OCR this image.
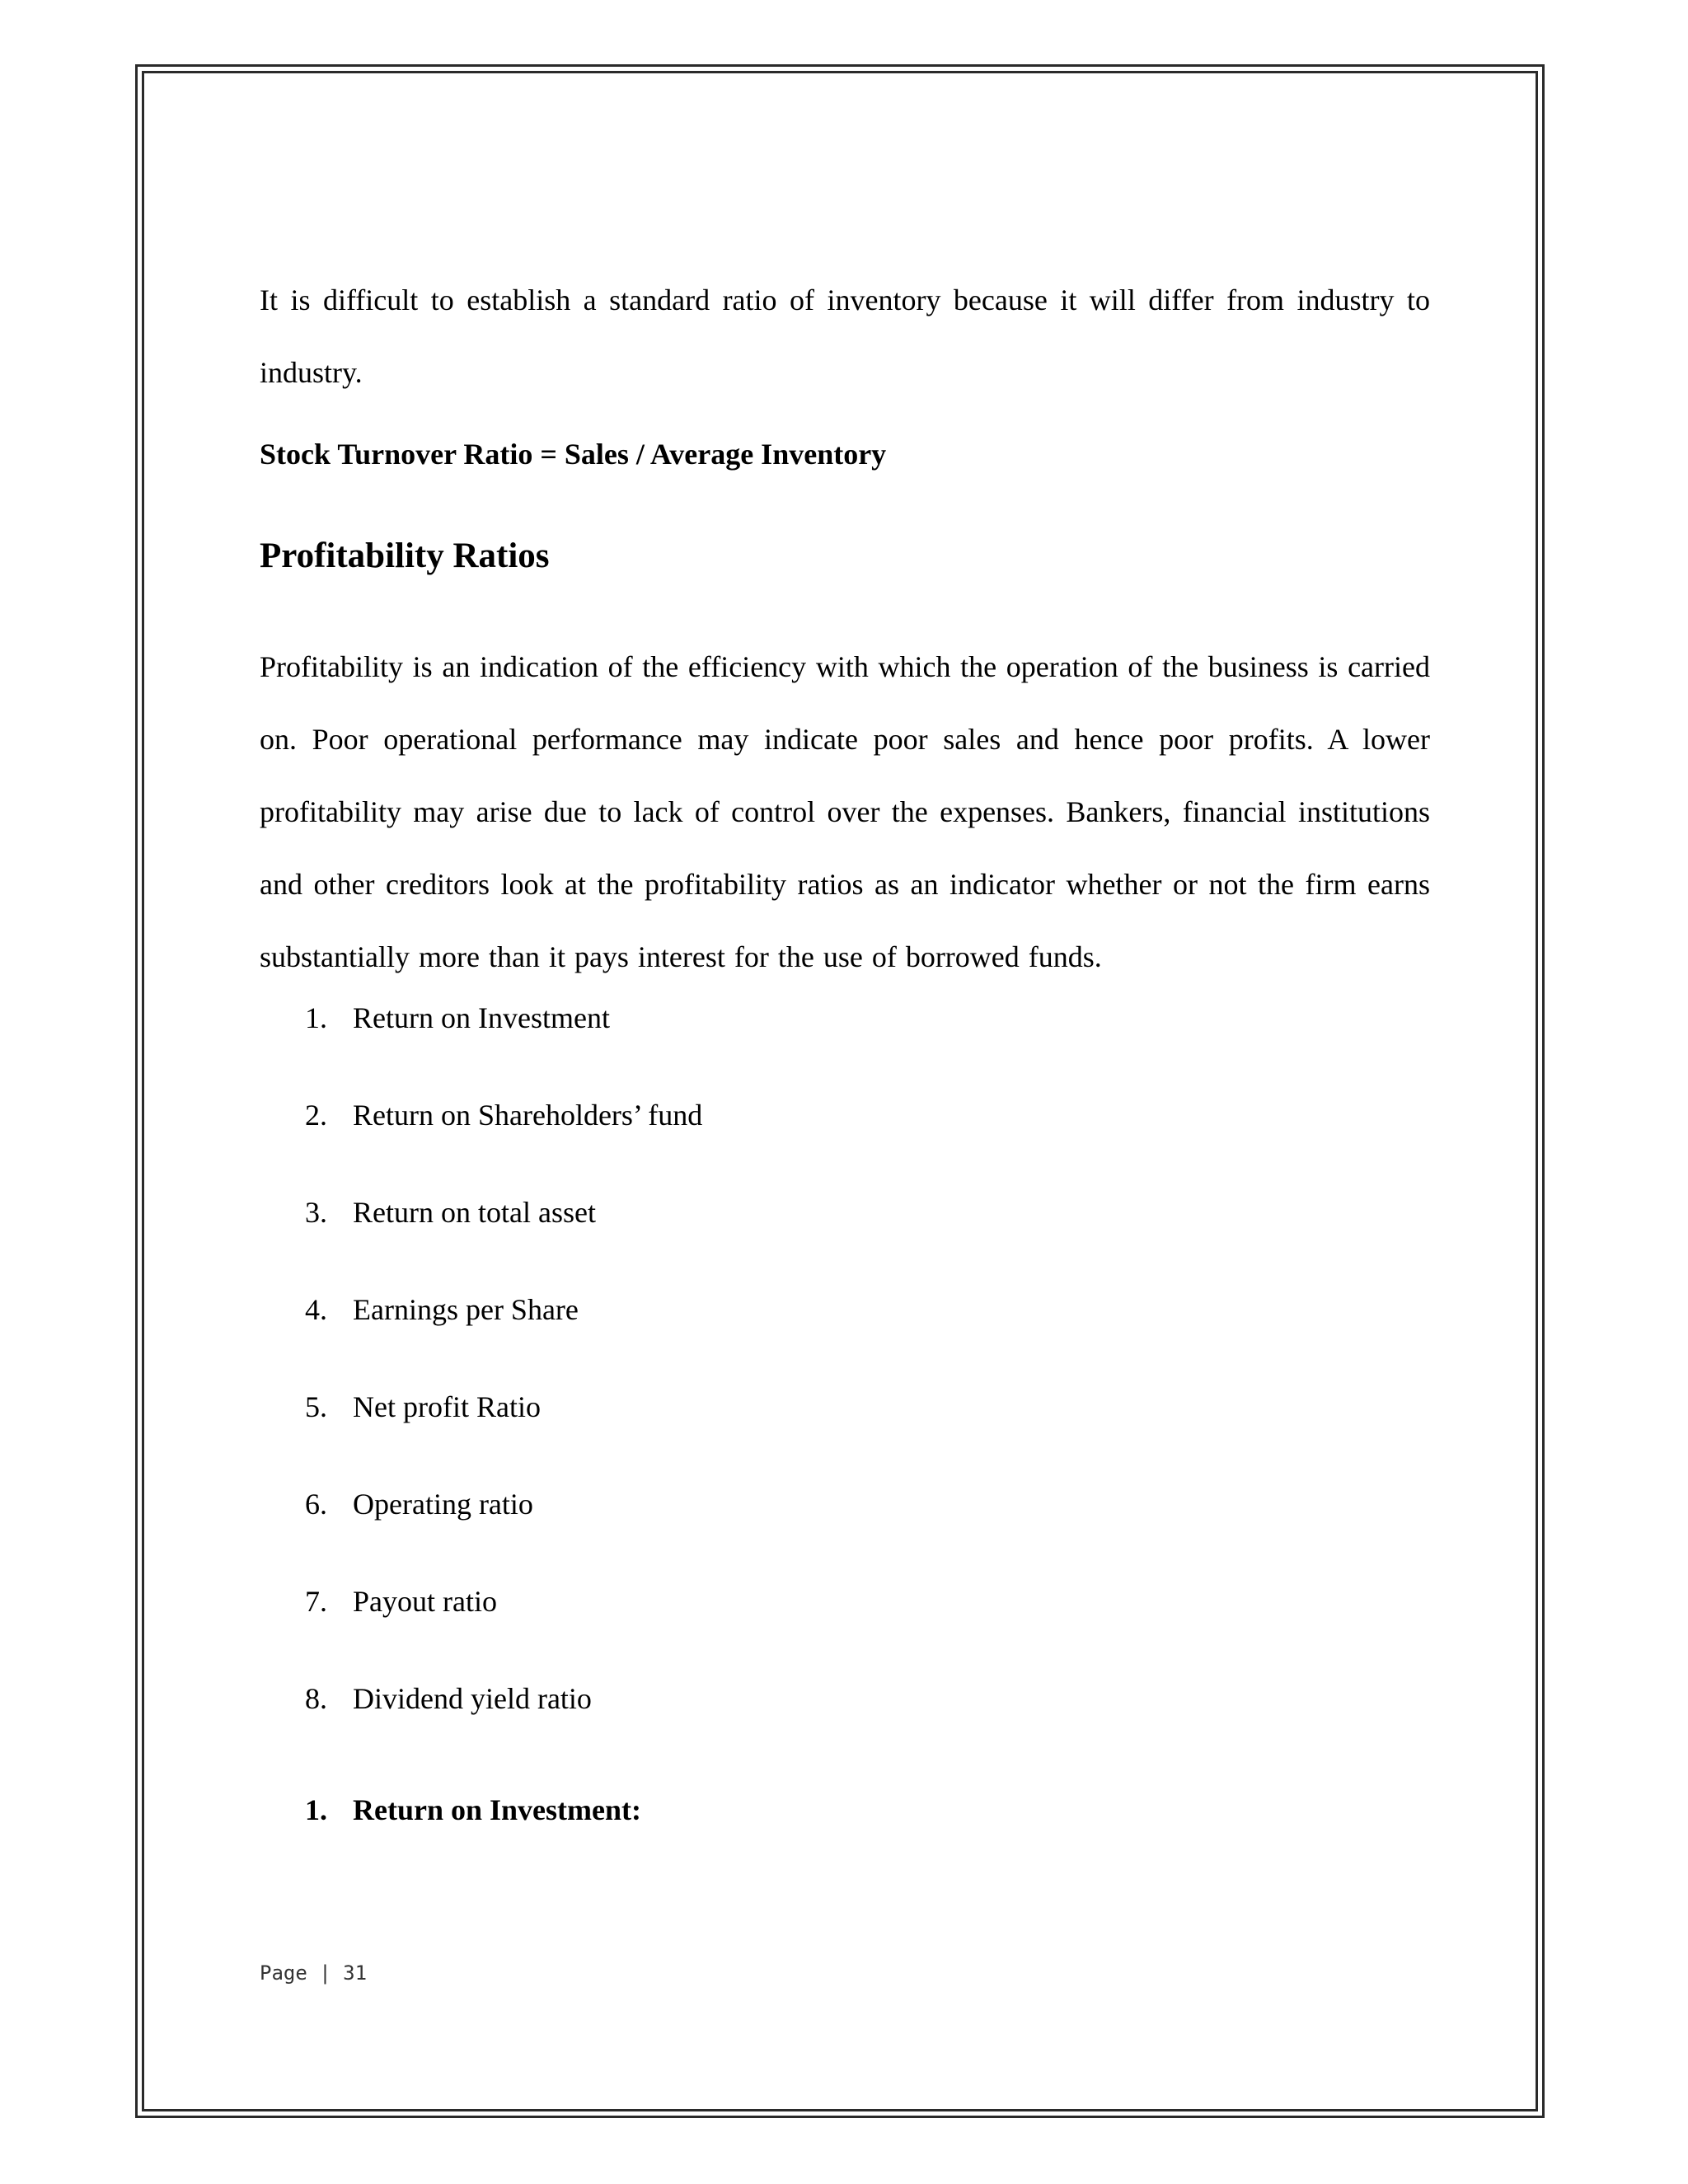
It is difficult to establish a standard ratio of inventory because it will differ from industry to industry.

Stock Turnover Ratio = Sales / Average Inventory

Profitability Ratios

Profitability is an indication of the efficiency with which the operation of the business is carried on. Poor operational performance may indicate poor sales and hence poor profits. A lower profitability may arise due to lack of control over the expenses. Bankers, financial institutions and other creditors look at the profitability ratios as an indicator whether or not the firm earns substantially more than it pays interest for the use of borrowed funds.

1. Return on Investment
2. Return on Shareholders’ fund
3. Return on total asset
4. Earnings per Share
5. Net profit Ratio
6. Operating ratio
7. Payout ratio
8. Dividend yield ratio
1. Return on Investment:
Page | 31
